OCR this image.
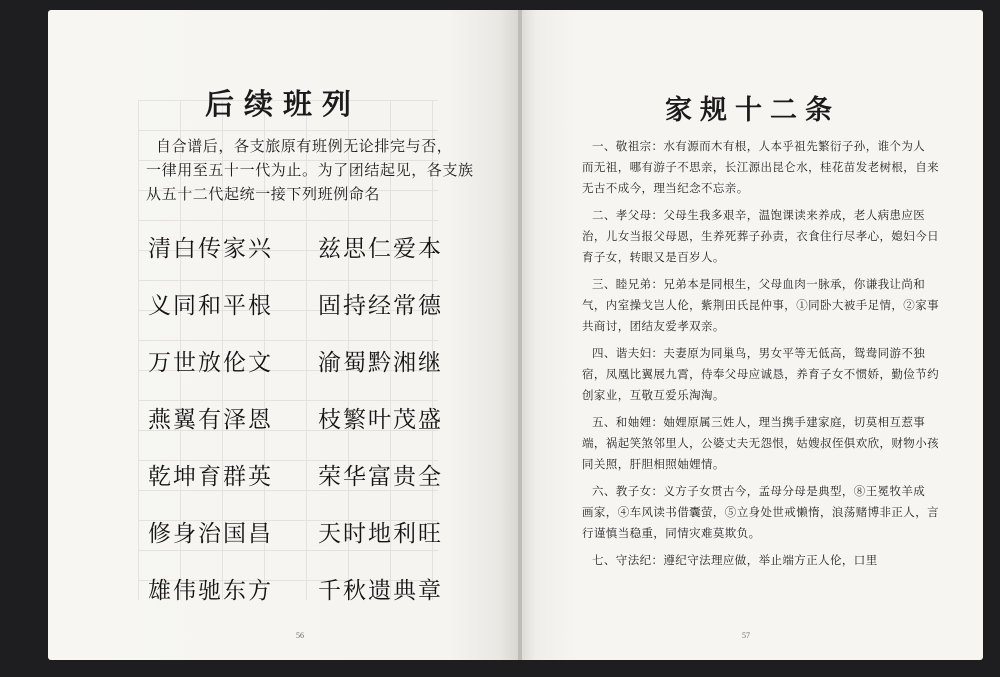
后续班列
自合谱后，各支旅原有班例无论排完与否，
一律用至五十一代为止。为了团结起见，各支族
从五十二代起统一接下列班例命名
清白传家兴 兹思仁爱本
义同和平根 固持经常德
万世放伦文 渝蜀黔湘继
燕翼有泽恩 枝繁叶茂盛
乾坤育群英 荣华富贵全
修身治国昌 天时地利旺
雄伟驰东方 千秋遗典章
56
家规十二条
一、敬祖宗：水有源而木有根，人本乎祖先繁衍子孙，谁个为人
而无祖，哪有游子不思亲，长江源出昆仑水，桂花苗发老树根，自来
无古不成今，理当纪念不忘亲。
二、孝父母：父母生我多艰辛，温饱课读来养成，老人病患应医
治，儿女当报父母恩，生养死葬子孙责，衣食住行尽孝心，媳妇今日
育子女，转眼又是百岁人。
三、睦兄弟：兄弟本是同根生，父母血肉一脉承，你谦我让尚和
气，内室操戈岂人伦，紫荆田氏昆仲事，①同卧大被手足情，②家事
共商讨，团结友爱孝双亲。
四、谐夫妇：夫妻原为同巢鸟，男女平等无低高，鸳鸯同游不独
宿，凤凰比翼展九霄，侍奉父母应诚恳，养育子女不惯娇，勤俭节约
创家业，互敬互爱乐淘淘。
五、和妯娌：妯娌原属三姓人，理当携手建家庭，切莫相互惹事
端，祸起笑煞邻里人，公婆丈夫无怨恨，姑嫂叔侄俱欢欣，财物小孩
同关照，肝胆相照妯娌情。
六、教子女：义方子女贯古今，孟母分母是典型，⑧王冕牧羊成
画家，④车风读书借囊萤，⑤立身处世戒懒惰，浪荡赌博非正人，言
行谨慎当稳重，同情灾难莫欺负。
七、守法纪：遵纪守法理应做，举止端方正人伦，口里
57
